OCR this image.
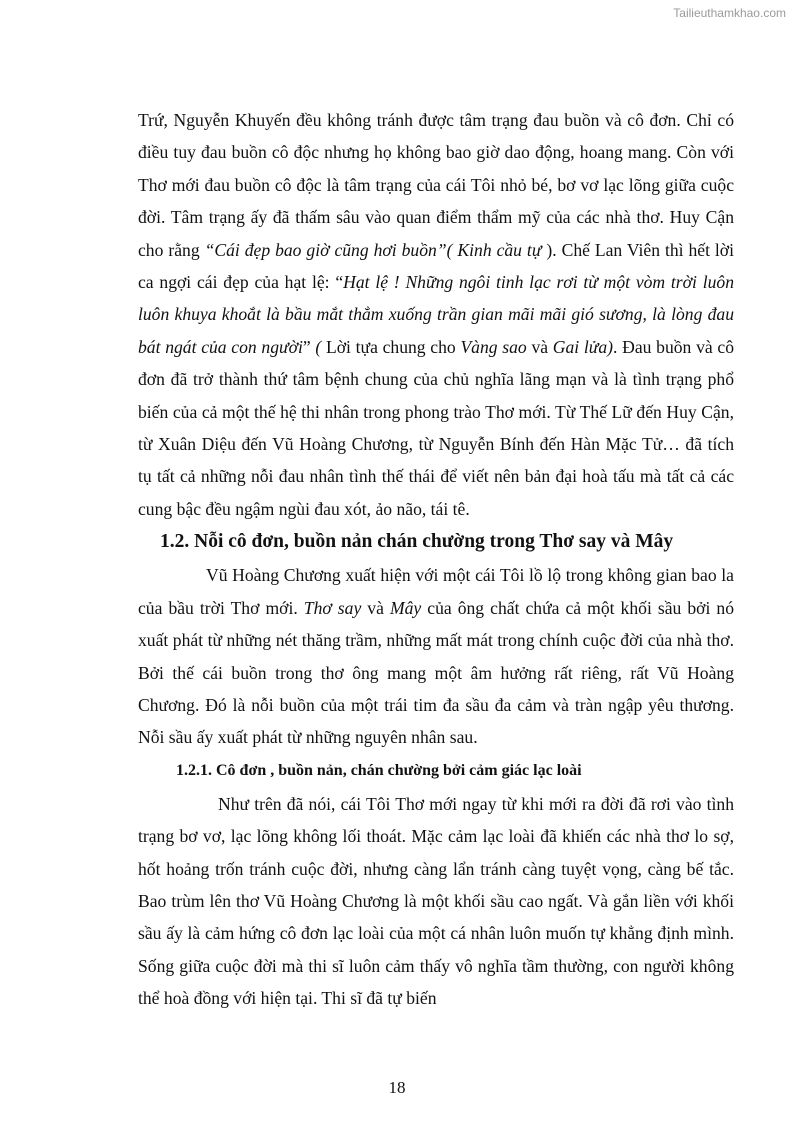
Tailieuthamkhao.com

Trứ, Nguyễn Khuyến đều không tránh được tâm trạng đau buồn và cô đơn. Chỉ có điều tuy đau buồn cô độc nhưng họ không bao giờ dao động, hoang mang. Còn với Thơ mới đau buồn cô độc là tâm trạng của cái Tôi nhỏ bé, bơ vơ lạc lõng giữa cuộc đời. Tâm trạng ấy đã thấm sâu vào quan điểm thẩm mỹ của các nhà thơ. Huy Cận cho rằng “Cái đẹp bao giờ cũng hơi buồn”( Kinh cầu tự ). Chế Lan Viên thì hết lời ca ngợi cái đẹp của hạt lệ: “Hạt lệ ! Những ngôi tinh lạc rơi từ một vòm trời luôn luôn khuya khoắt là bầu mắt thẳm xuống trần gian mãi mãi gió sương, là lòng đau bát ngát của con người” ( Lời tựa chung cho Vàng sao và Gai lửa). Đau buồn và cô đơn đã trở thành thứ tâm bệnh chung của chủ nghĩa lãng mạn và là tình trạng phổ biến của cả một thế hệ thi nhân trong phong trào Thơ mới. Từ Thế Lữ đến Huy Cận, từ Xuân Diệu đến Vũ Hoàng Chương, từ Nguyễn Bính đến Hàn Mặc Tử… đã tích tụ tất cả những nỗi đau nhân tình thế thái để viết nên bản đại hoà tấu mà tất cả các cung bậc đều ngậm ngùi đau xót, ảo não, tái tê.

1.2. Nỗi cô đơn, buồn nản chán chường trong Thơ say và Mây

Vũ Hoàng Chương xuất hiện với một cái Tôi lồ lộ trong không gian bao la của bầu trời Thơ mới. Thơ say và Mây của ông chất chứa cả một khối sầu bởi nó xuất phát từ những nét thăng trầm, những mất mát trong chính cuộc đời của nhà thơ. Bởi thế cái buồn trong thơ ông mang một âm hưởng rất riêng, rất Vũ Hoàng Chương. Đó là nỗi buồn của một trái tim đa sầu đa cảm và tràn ngập yêu thương. Nỗi sầu ấy xuất phát từ những nguyên nhân sau.

1.2.1. Cô đơn , buồn nản, chán chường bởi cảm giác lạc loài

Như trên đã nói, cái Tôi Thơ mới ngay từ khi mới ra đời đã rơi vào tình trạng bơ vơ, lạc lõng không lối thoát. Mặc cảm lạc loài đã khiến các nhà thơ lo sợ, hốt hoảng trốn tránh cuộc đời, nhưng càng lẩn tránh càng tuyệt vọng, càng bế tắc. Bao trùm lên thơ Vũ Hoàng Chương là một khối sầu cao ngất. Và gắn liền với khối sầu ấy là cảm hứng cô đơn lạc loài của một cá nhân luôn muốn tự khẳng định mình. Sống giữa cuộc đời mà thi sĩ luôn cảm thấy vô nghĩa tầm thường, con người không thể hoà đồng với hiện tại. Thi sĩ đã tự biến

18
